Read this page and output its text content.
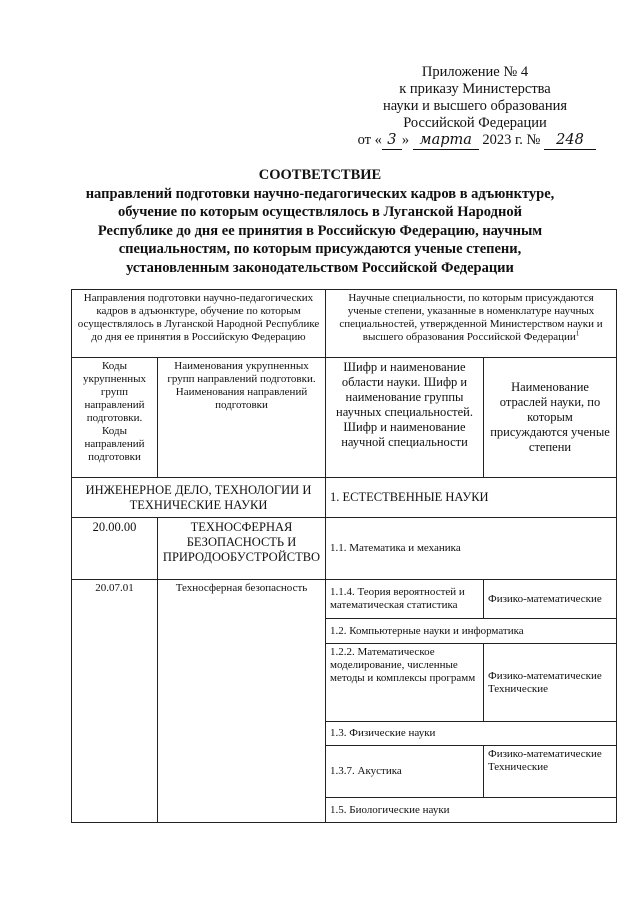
Приложение № 4
к приказу Министерства
науки и высшего образования
Российской Федерации
от « 3 » марта 2023 г. № 248
СООТВЕТСТВИЕ
направлений подготовки научно-педагогических кадров в адъюнктуре,
обучение по которым осуществлялось в Луганской Народной
Республике до дня ее принятия в Российскую Федерацию, научным
специальностям, по которым присуждаются ученые степени,
установленным законодательством Российской Федерации
Направления подготовки научно-педагогических кадров в адъюнктуре, обучение по которым осуществлялось в Луганской Народной Республике до дня ее принятия в Российскую Федерацию		Научные специальности, по которым присуждаются ученые степени, указанные в номенклатуре научных специальностей, утвержденной Министерством науки и высшего образования Российской Федерации$^1$
Коды укрупненных групп направлений подготовки. Коды направлений подготовки	Наименования укрупненных групп направлений подготовки. Наименования направлений подготовки	Шифр и наименование области науки. Шифр и наименование группы научных специальностей. Шифр и наименование научной специальности	Наименование отраслей науки, по которым присуждаются ученые степени
ИНЖЕНЕРНОЕ ДЕЛО, ТЕХНОЛОГИИ И ТЕХНИЧЕСКИЕ НАУКИ		1. ЕСТЕСТВЕННЫЕ НАУКИ	
20.00.00	ТЕХНОСФЕРНАЯ БЕЗОПАСНОСТЬ И ПРИРОДООБУСТРОЙСТВО	1.1. Математика и механика	
20.07.01	Техносферная безопасность	1.1.4. Теория вероятностей и математическая статистика	Физико-математические
		1.2. Компьютерные науки и информатика	
		1.2.2. Математическое моделирование, численные методы и комплексы программ	Физико-математические Технические
		1.3. Физические науки	
		1.3.7. Акустика	Физико-математические Технические
		1.5. Биологические науки	
